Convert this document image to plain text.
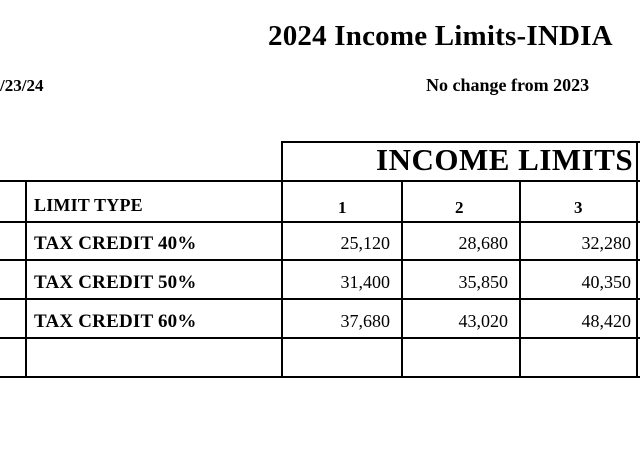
2024 Income Limits-INDIA
/23/24	No change from 2023
INCOME LIMITS
LIMIT TYPE	1	2	3
TAX CREDIT 40%	25,120	28,680	32,280
TAX CREDIT 50%	31,400	35,850	40,350
TAX CREDIT 60%	37,680	43,020	48,420
